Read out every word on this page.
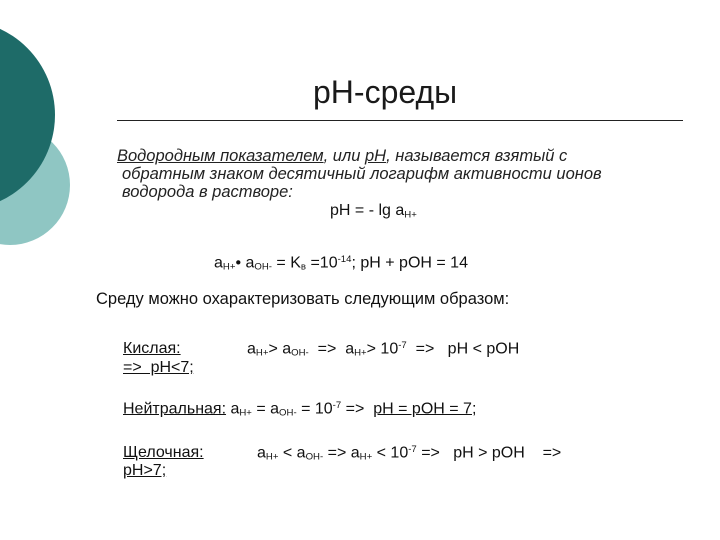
pH-среды
Водородным показателем, или pH, называется взятый с
обратным знаком десятичный логарифм активности ионов
водорода в растворе:
pH = - $\lg a_{H+}$
$a_{H+}•$ $a_{OH-} = K_в =10^{-14}$; pH + pOH = 14
Среду можно охарактеризовать следующим образом:
Кислая:	$a_{H+}> a_{OH-} => a_{H+}> 10^{-7}$  =>   pH < pOH
=>  pH<7;
Нейтральная: $a_{H+} = a_{OH-} = 10^{-7}$ =>  pH = pOH = 7;
Щелочная:	$a_{H+} < a_{OH-} => a_{H+} < 10^{-7}$ =>   pH > pOH    =>
pH>7;
